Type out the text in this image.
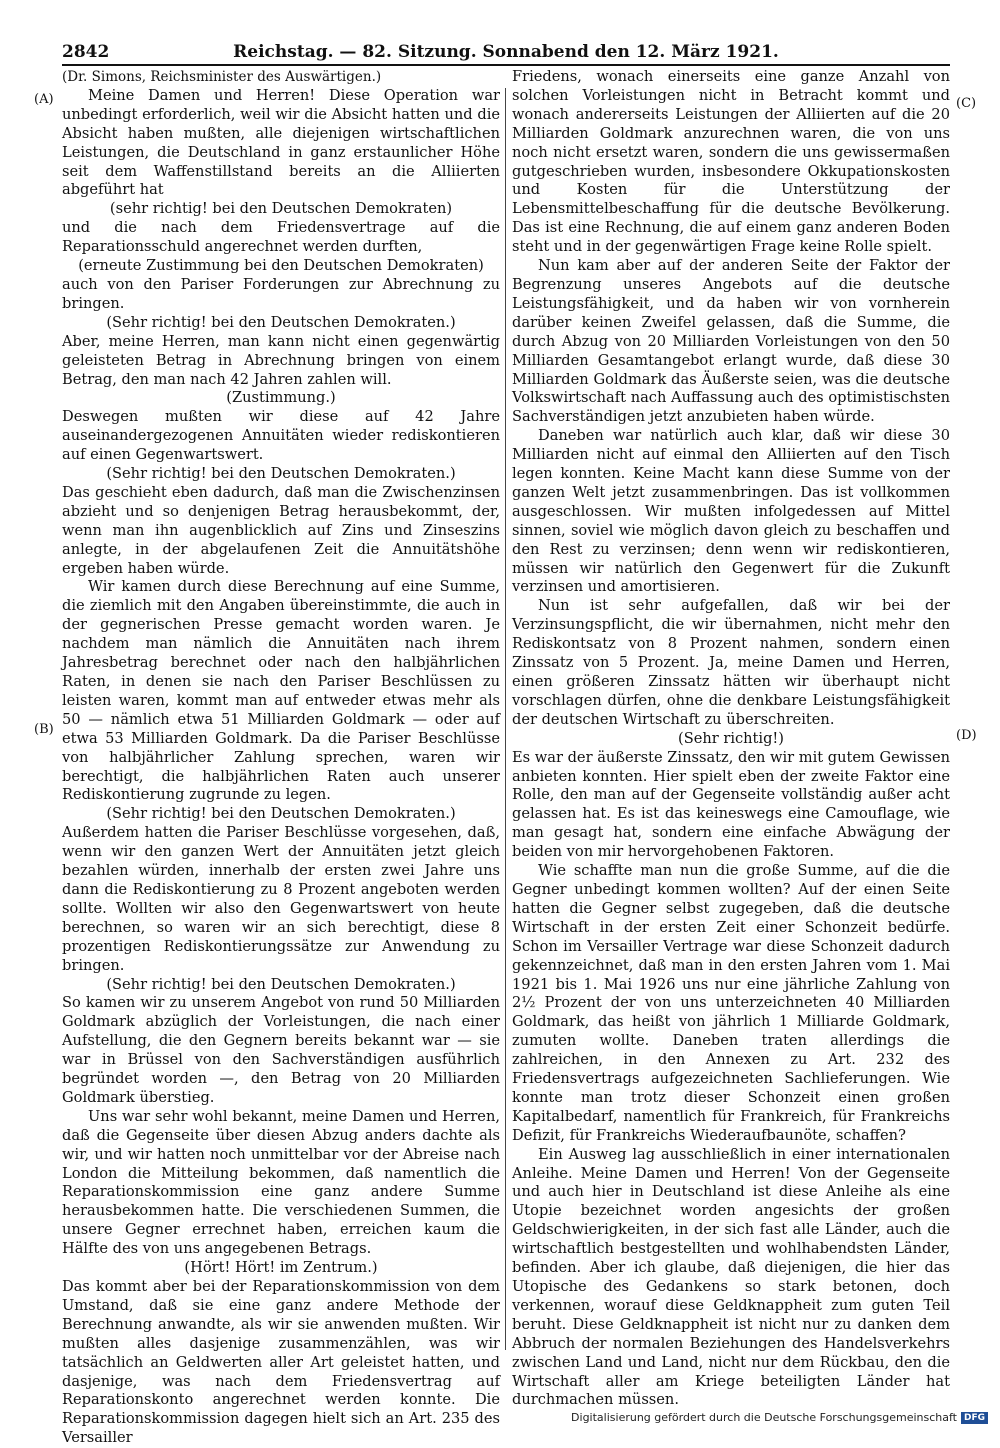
2842	Reichstag. — 82. Sitzung. Sonnabend den 12. März 1921.
(A)
(B)
(C)
(D)

(Dr. Simons, Reichsminister des Auswärtigen.)

Meine Damen und Herren! Diese Operation war unbedingt erforderlich, weil wir die Absicht hatten und die Absicht haben mußten, alle diejenigen wirtschaftlichen Leistungen, die Deutschland in ganz erstaunlicher Höhe seit dem Waffenstillstand bereits an die Alliierten abgeführt hat

(sehr richtig! bei den Deutschen Demokraten)

und die nach dem Friedensvertrage auf die Reparationsschuld angerechnet werden durften,

(erneute Zustimmung bei den Deutschen Demokraten)

auch von den Pariser Forderungen zur Abrechnung zu bringen.

(Sehr richtig! bei den Deutschen Demokraten.)

Aber, meine Herren, man kann nicht einen gegenwärtig geleisteten Betrag in Abrechnung bringen von einem Betrag, den man nach 42 Jahren zahlen will.

(Zustimmung.)

Deswegen mußten wir diese auf 42 Jahre auseinandergezogenen Annuitäten wieder rediskontieren auf einen Gegenwartswert.

(Sehr richtig! bei den Deutschen Demokraten.)

Das geschieht eben dadurch, daß man die Zwischenzinsen abzieht und so denjenigen Betrag herausbekommt, der, wenn man ihn augenblicklich auf Zins und Zinseszins anlegte, in der abgelaufenen Zeit die Annuitätshöhe ergeben haben würde.

Wir kamen durch diese Berechnung auf eine Summe, die ziemlich mit den Angaben übereinstimmte, die auch in der gegnerischen Presse gemacht worden waren. Je nachdem man nämlich die Annuitäten nach ihrem Jahresbetrag berechnet oder nach den halbjährlichen Raten, in denen sie nach den Pariser Beschlüssen zu leisten waren, kommt man auf entweder etwas mehr als 50 — nämlich etwa 51 Milliarden Goldmark — oder auf etwa 53 Milliarden Goldmark. Da die Pariser Beschlüsse von halbjährlicher Zahlung sprechen, waren wir berechtigt, die halbjährlichen Raten auch unserer Rediskontierung zugrunde zu legen.

(Sehr richtig! bei den Deutschen Demokraten.)

Außerdem hatten die Pariser Beschlüsse vorgesehen, daß, wenn wir den ganzen Wert der Annuitäten jetzt gleich bezahlen würden, innerhalb der ersten zwei Jahre uns dann die Rediskontierung zu 8 Prozent angeboten werden sollte. Wollten wir also den Gegenwartswert von heute berechnen, so waren wir an sich berechtigt, diese 8 prozentigen Rediskontierungssätze zur Anwendung zu bringen.

(Sehr richtig! bei den Deutschen Demokraten.)

So kamen wir zu unserem Angebot von rund 50 Milliarden Goldmark abzüglich der Vorleistungen, die nach einer Aufstellung, die den Gegnern bereits bekannt war — sie war in Brüssel von den Sachverständigen ausführlich begründet worden —, den Betrag von 20 Milliarden Goldmark überstieg.

Uns war sehr wohl bekannt, meine Damen und Herren, daß die Gegenseite über diesen Abzug anders dachte als wir, und wir hatten noch unmittelbar vor der Abreise nach London die Mitteilung bekommen, daß namentlich die Reparationskommission eine ganz andere Summe herausbekommen hatte. Die verschiedenen Summen, die unsere Gegner errechnet haben, erreichen kaum die Hälfte des von uns angegebenen Betrags.

(Hört! Hört! im Zentrum.)

Das kommt aber bei der Reparationskommission von dem Umstand, daß sie eine ganz andere Methode der Berechnung anwandte, als wir sie anwenden mußten. Wir mußten alles dasjenige zusammenzählen, was wir tatsächlich an Geldwerten aller Art geleistet hatten, und dasjenige, was nach dem Friedensvertrag auf Reparationskonto angerechnet werden konnte. Die Reparationskommission dagegen hielt sich an Art. 235 des Versailler

Friedens, wonach einerseits eine ganze Anzahl von solchen Vorleistungen nicht in Betracht kommt und wonach andererseits Leistungen der Alliierten auf die 20 Milliarden Goldmark anzurechnen waren, die von uns noch nicht ersetzt waren, sondern die uns gewissermaßen gutgeschrieben wurden, insbesondere Okkupationskosten und Kosten für die Unterstützung der Lebensmittelbeschaffung für die deutsche Bevölkerung. Das ist eine Rechnung, die auf einem ganz anderen Boden steht und in der gegenwärtigen Frage keine Rolle spielt.

Nun kam aber auf der anderen Seite der Faktor der Begrenzung unseres Angebots auf die deutsche Leistungsfähigkeit, und da haben wir von vornherein darüber keinen Zweifel gelassen, daß die Summe, die durch Abzug von 20 Milliarden Vorleistungen von den 50 Milliarden Gesamtangebot erlangt wurde, daß diese 30 Milliarden Goldmark das Äußerste seien, was die deutsche Volkswirtschaft nach Auffassung auch des optimistischsten Sachverständigen jetzt anzubieten haben würde.

Daneben war natürlich auch klar, daß wir diese 30 Milliarden nicht auf einmal den Alliierten auf den Tisch legen konnten. Keine Macht kann diese Summe von der ganzen Welt jetzt zusammenbringen. Das ist vollkommen ausgeschlossen. Wir mußten infolgedessen auf Mittel sinnen, soviel wie möglich davon gleich zu beschaffen und den Rest zu verzinsen; denn wenn wir rediskontieren, müssen wir natürlich den Gegenwert für die Zukunft verzinsen und amortisieren.

Nun ist sehr aufgefallen, daß wir bei der Verzinsungspflicht, die wir übernahmen, nicht mehr den Rediskontsatz von 8 Prozent nahmen, sondern einen Zinssatz von 5 Prozent. Ja, meine Damen und Herren, einen größeren Zinssatz hätten wir überhaupt nicht vorschlagen dürfen, ohne die denkbare Leistungsfähigkeit der deutschen Wirtschaft zu überschreiten.

(Sehr richtig!)

Es war der äußerste Zinssatz, den wir mit gutem Gewissen anbieten konnten. Hier spielt eben der zweite Faktor eine Rolle, den man auf der Gegenseite vollständig außer acht gelassen hat. Es ist das keineswegs eine Camouflage, wie man gesagt hat, sondern eine einfache Abwägung der beiden von mir hervorgehobenen Faktoren.

Wie schaffte man nun die große Summe, auf die die Gegner unbedingt kommen wollten? Auf der einen Seite hatten die Gegner selbst zugegeben, daß die deutsche Wirtschaft in der ersten Zeit einer Schonzeit bedürfe. Schon im Versailler Vertrage war diese Schonzeit dadurch gekennzeichnet, daß man in den ersten Jahren vom 1. Mai 1921 bis 1. Mai 1926 uns nur eine jährliche Zahlung von 2½ Prozent der von uns unterzeichneten 40 Milliarden Goldmark, das heißt von jährlich 1 Milliarde Goldmark, zumuten wollte. Daneben traten allerdings die zahlreichen, in den Annexen zu Art. 232 des Friedensvertrags aufgezeichneten Sachlieferungen. Wie konnte man trotz dieser Schonzeit einen großen Kapitalbedarf, namentlich für Frankreich, für Frankreichs Defizit, für Frankreichs Wiederaufbaunöte, schaffen?

Ein Ausweg lag ausschließlich in einer internationalen Anleihe. Meine Damen und Herren! Von der Gegenseite und auch hier in Deutschland ist diese Anleihe als eine Utopie bezeichnet worden angesichts der großen Geldschwierigkeiten, in der sich fast alle Länder, auch die wirtschaftlich bestgestellten und wohlhabendsten Länder, befinden. Aber ich glaube, daß diejenigen, die hier das Utopische des Gedankens so stark betonen, doch verkennen, worauf diese Geldknappheit zum guten Teil beruht. Diese Geldknappheit ist nicht nur zu danken dem Abbruch der normalen Beziehungen des Handelsverkehrs zwischen Land und Land, nicht nur dem Rückbau, den die Wirtschaft aller am Kriege beteiligten Länder hat durchmachen müssen.

Digitalisierung gefördert durch die Deutsche Forschungsgemeinschaft DFG
